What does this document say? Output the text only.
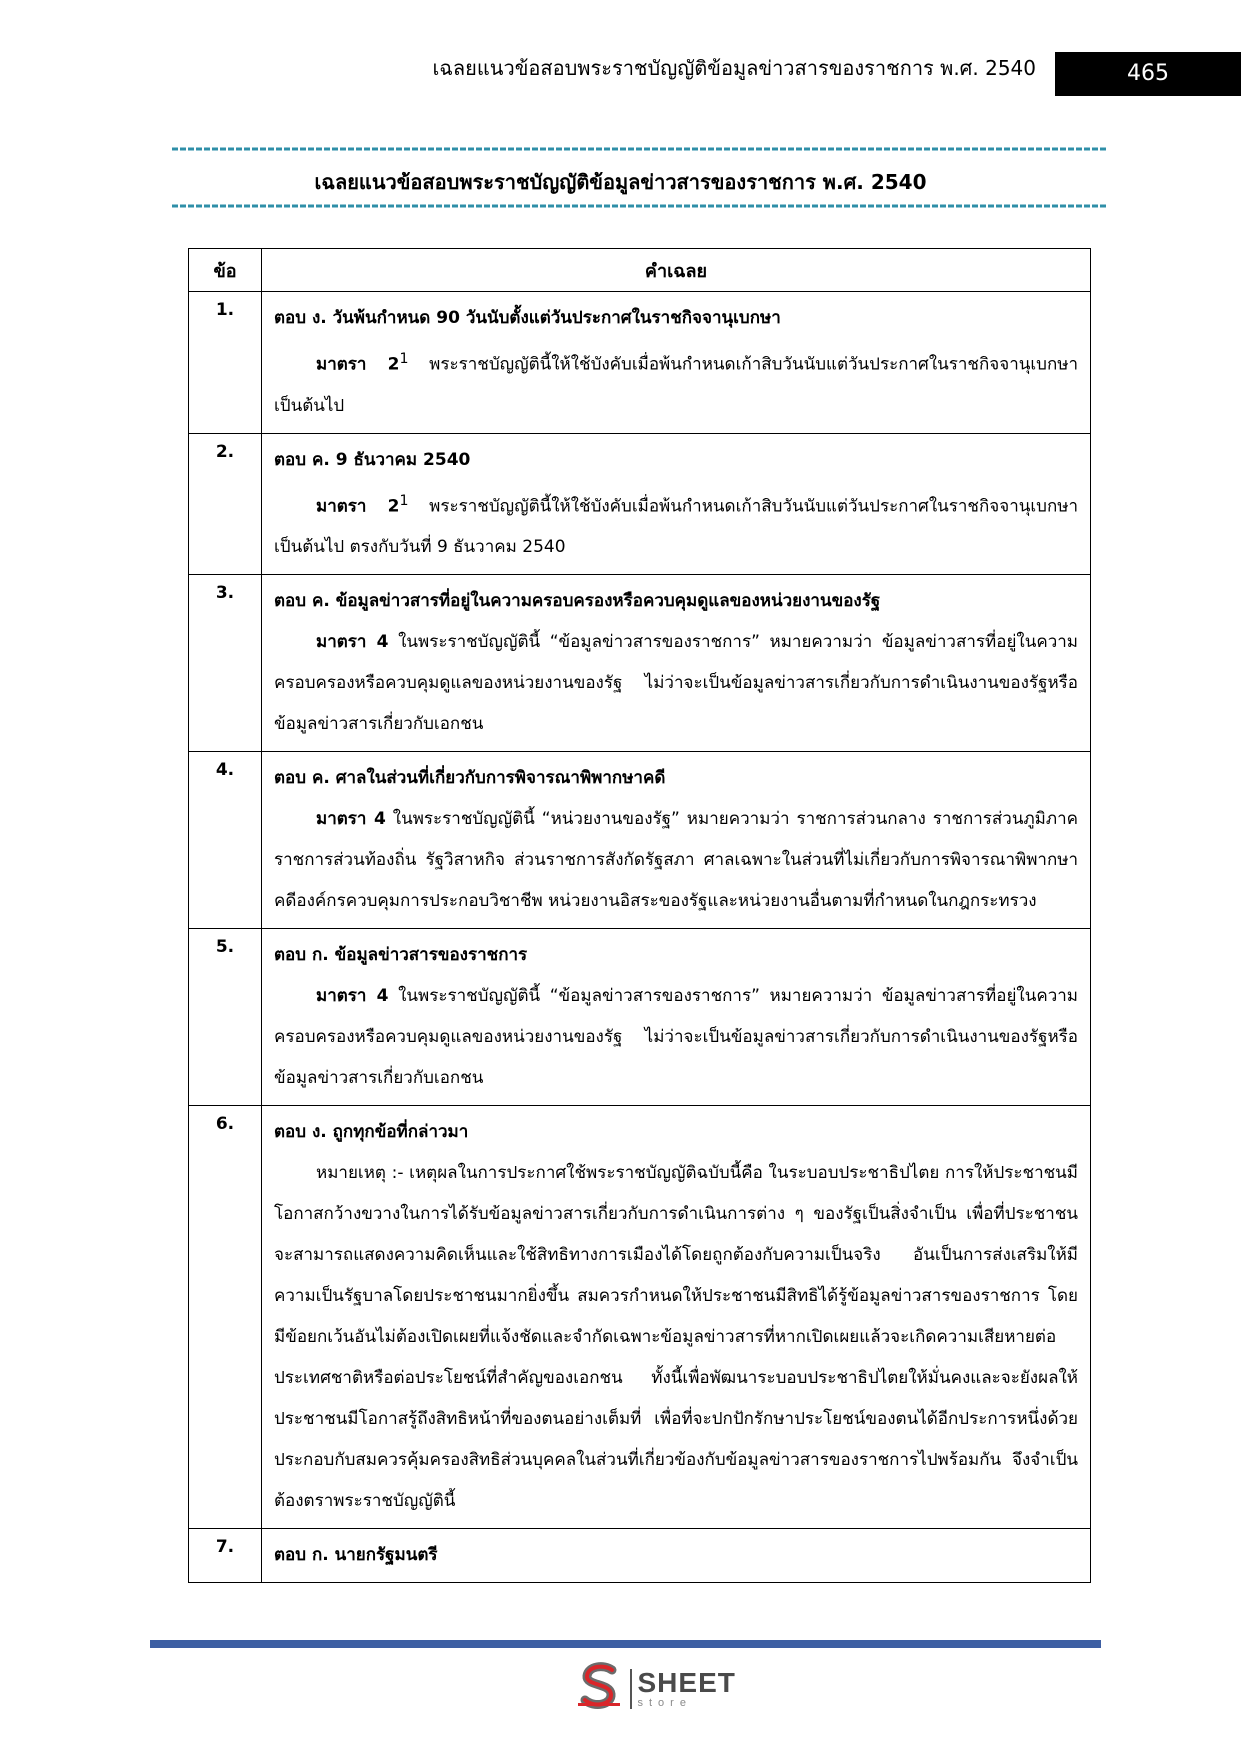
เฉลยแนวข้อสอบพระราชบัญญัติข้อมูลข่าวสารของราชการ พ.ศ. 2540	465
เฉลยแนวข้อสอบพระราชบัญญัติข้อมูลข่าวสารของราชการ พ.ศ. 2540
ข้อ	คำเฉลย
1.	ตอบ ง. วันพ้นกำหนด 90 วันนับตั้งแต่วันประกาศในราชกิจจานุเบกษา
มาตรา $2^1$ พระราชบัญญัตินี้ให้ใช้บังคับเมื่อพ้นกำหนดเก้าสิบวันนับแต่วันประกาศในราชกิจจานุเบกษาเป็นต้นไป

2.	ตอบ ค. 9 ธันวาคม 2540
มาตรา $2^1$ พระราชบัญญัตินี้ให้ใช้บังคับเมื่อพ้นกำหนดเก้าสิบวันนับแต่วันประกาศในราชกิจจานุเบกษาเป็นต้นไป ตรงกับวันที่ 9 ธันวาคม 2540

3.	ตอบ ค. ข้อมูลข่าวสารที่อยู่ในความครอบครองหรือควบคุมดูแลของหน่วยงานของรัฐ
มาตรา 4 ในพระราชบัญญัตินี้ “ข้อมูลข่าวสารของราชการ” หมายความว่า ข้อมูลข่าวสารที่อยู่ในความครอบครองหรือควบคุมดูแลของหน่วยงานของรัฐ ไม่ว่าจะเป็นข้อมูลข่าวสารเกี่ยวกับการดำเนินงานของรัฐหรือข้อมูลข่าวสารเกี่ยวกับเอกชน

4.	ตอบ ค. ศาลในส่วนที่เกี่ยวกับการพิจารณาพิพากษาคดี
มาตรา 4 ในพระราชบัญญัตินี้ “หน่วยงานของรัฐ” หมายความว่า ราชการส่วนกลาง ราชการส่วนภูมิภาค ราชการส่วนท้องถิ่น รัฐวิสาหกิจ ส่วนราชการสังกัดรัฐสภา ศาลเฉพาะในส่วนที่ไม่เกี่ยวกับการพิจารณาพิพากษาคดีองค์กรควบคุมการประกอบวิชาชีพ หน่วยงานอิสระของรัฐและหน่วยงานอื่นตามที่กำหนดในกฎกระทรวง

5.	ตอบ ก. ข้อมูลข่าวสารของราชการ
มาตรา 4 ในพระราชบัญญัตินี้ “ข้อมูลข่าวสารของราชการ” หมายความว่า ข้อมูลข่าวสารที่อยู่ในความครอบครองหรือควบคุมดูแลของหน่วยงานของรัฐ ไม่ว่าจะเป็นข้อมูลข่าวสารเกี่ยวกับการดำเนินงานของรัฐหรือข้อมูลข่าวสารเกี่ยวกับเอกชน

6.	ตอบ ง. ถูกทุกข้อที่กล่าวมา
หมายเหตุ :- เหตุผลในการประกาศใช้พระราชบัญญัติฉบับนี้คือ ในระบอบประชาธิปไตย การให้ประชาชนมีโอกาสกว้างขวางในการได้รับข้อมูลข่าวสารเกี่ยวกับการดำเนินการต่าง ๆ ของรัฐเป็นสิ่งจำเป็น เพื่อที่ประชาชนจะสามารถแสดงความคิดเห็นและใช้สิทธิทางการเมืองได้โดยถูกต้องกับความเป็นจริง อันเป็นการส่งเสริมให้มีความเป็นรัฐบาลโดยประชาชนมากยิ่งขึ้น สมควรกำหนดให้ประชาชนมีสิทธิได้รู้ข้อมูลข่าวสารของราชการ โดยมีข้อยกเว้นอันไม่ต้องเปิดเผยที่แจ้งชัดและจำกัดเฉพาะข้อมูลข่าวสารที่หากเปิดเผยแล้วจะเกิดความเสียหายต่อประเทศชาติหรือต่อประโยชน์ที่สำคัญของเอกชน ทั้งนี้เพื่อพัฒนาระบอบประชาธิปไตยให้มั่นคงและจะยังผลให้ประชาชนมีโอกาสรู้ถึงสิทธิหน้าที่ของตนอย่างเต็มที่ เพื่อที่จะปกปักรักษาประโยชน์ของตนได้อีกประการหนึ่งด้วย ประกอบกับสมควรคุ้มครองสิทธิส่วนบุคคลในส่วนที่เกี่ยวข้องกับข้อมูลข่าวสารของราชการไปพร้อมกัน จึงจำเป็นต้องตราพระราชบัญญัตินี้

7.	ตอบ ก. นายกรัฐมนตรี
SHEET
store
